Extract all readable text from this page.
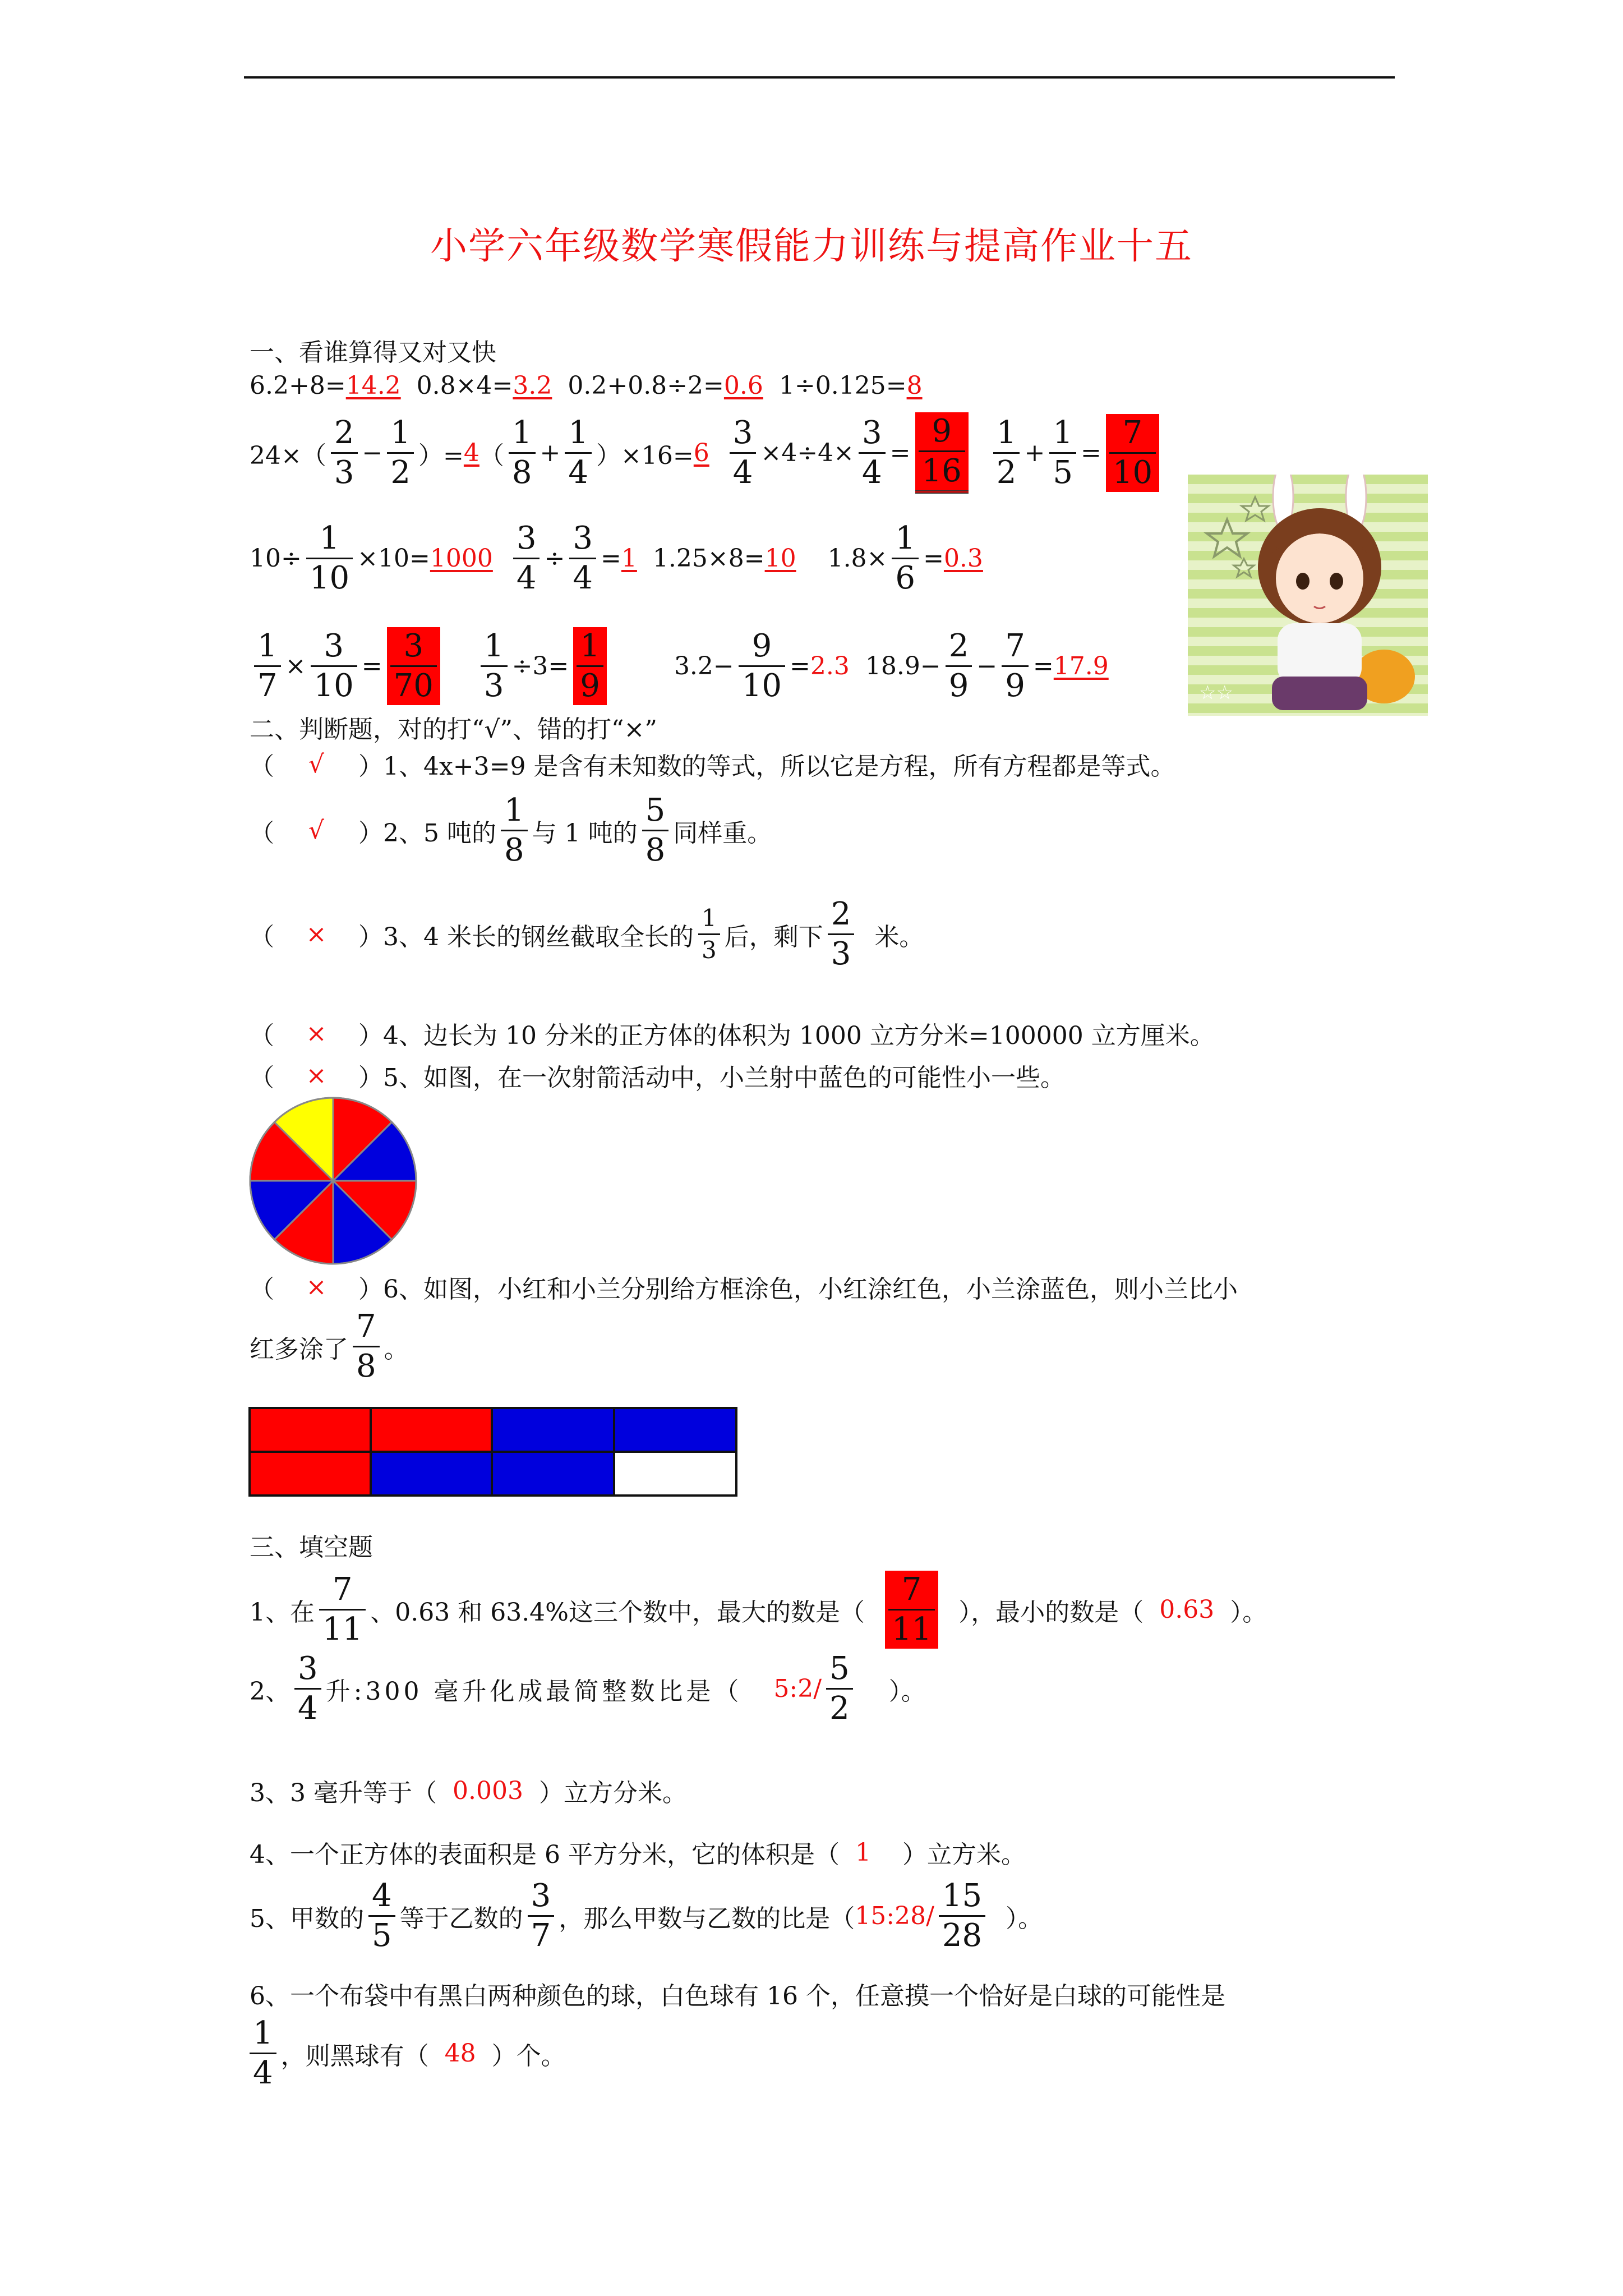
小学六年级数学寒假能力训练与提高作业十五
一、看谁算得又对又快
6.2+8= 14.2 0.8×4= 3.2 0.2+0.8÷2= 0.6 1÷0.125= 8
$24\times( \frac{2}{3} - \frac{1}{2}$ ）= 4 （ $\frac{1}{8} + \frac{1}{4} )\times 16= 6 \frac{3}{4} \times 4\div 4\times \frac{3}{4} = \frac{9}{16} \frac{1}{2} + \frac{1}{5} = \frac{7}{10}$
$10\div \frac{1}{10} \times 10= 1000 \frac{3}{4} \div \frac{3}{4} = 1$ 1.25×8= 10 $1.8\times \frac{1}{6} = 0.3$
$\frac{1}{7} \times \frac{3}{10} = \frac{3}{70} \frac{1}{3} \div 3= \frac{1}{9}$	$3.2- \frac{9}{10} = 2.3$ $18.9- \frac{2}{9} - \frac{7}{9} = 17.9$
☆☆
二、判断题，对的打“√”、错的打“×”
（	√	） 1、4x+3=9 是含有未知数的等式，所以它是方程，所有方程都是等式。
（	√	） 2、5 吨的 $\frac{1}{8}$ 与 1 吨的 $\frac{5}{8}$ 同样重。
（	×	） 3、4 米长的钢丝截取全长的 $\frac{1}{3}$ 后，剩下 $\frac{2}{3}$ 米。
（	×	） 4、边长为 10 分米的正方体的体积为 1000 立方分米=100000 立方厘米。
（	×	） 5、如图，在一次射箭活动中，小兰射中蓝色的可能性小一些。
（	×	） 6、如图，小红和小兰分别给方框涂色，小红涂红色，小兰涂蓝色，则小兰比小
红多涂了 $\frac{7}{8}$ 。
三、填空题
1、在 $\frac{7}{11}$ 、0.63 和 63.4%这三个数中，最大的数是（ $\frac{7}{11}$ ），最小的数是（ 0.63 ）。
2、 $\frac{3}{4}$ 升:300 毫升化成最简整数比是（ 5:2/ $\frac{5}{2}$ ）。
3、3 毫升等于（ 0.003 ）立方分米。
4、一个正方体的表面积是 6 平方分米，它的体积是（ 1 ）立方米。
5、甲数的 $\frac{4}{5}$ 等于乙数的 $\frac{3}{7}$ ，那么甲数与乙数的比是（ 15:28/ $\frac{15}{28}$ ）。
6、一个布袋中有黑白两种颜色的球，白色球有 16 个，任意摸一个恰好是白球的可能性是
$\frac{1}{4}$ ，则黑球有（ 48 ）个。
